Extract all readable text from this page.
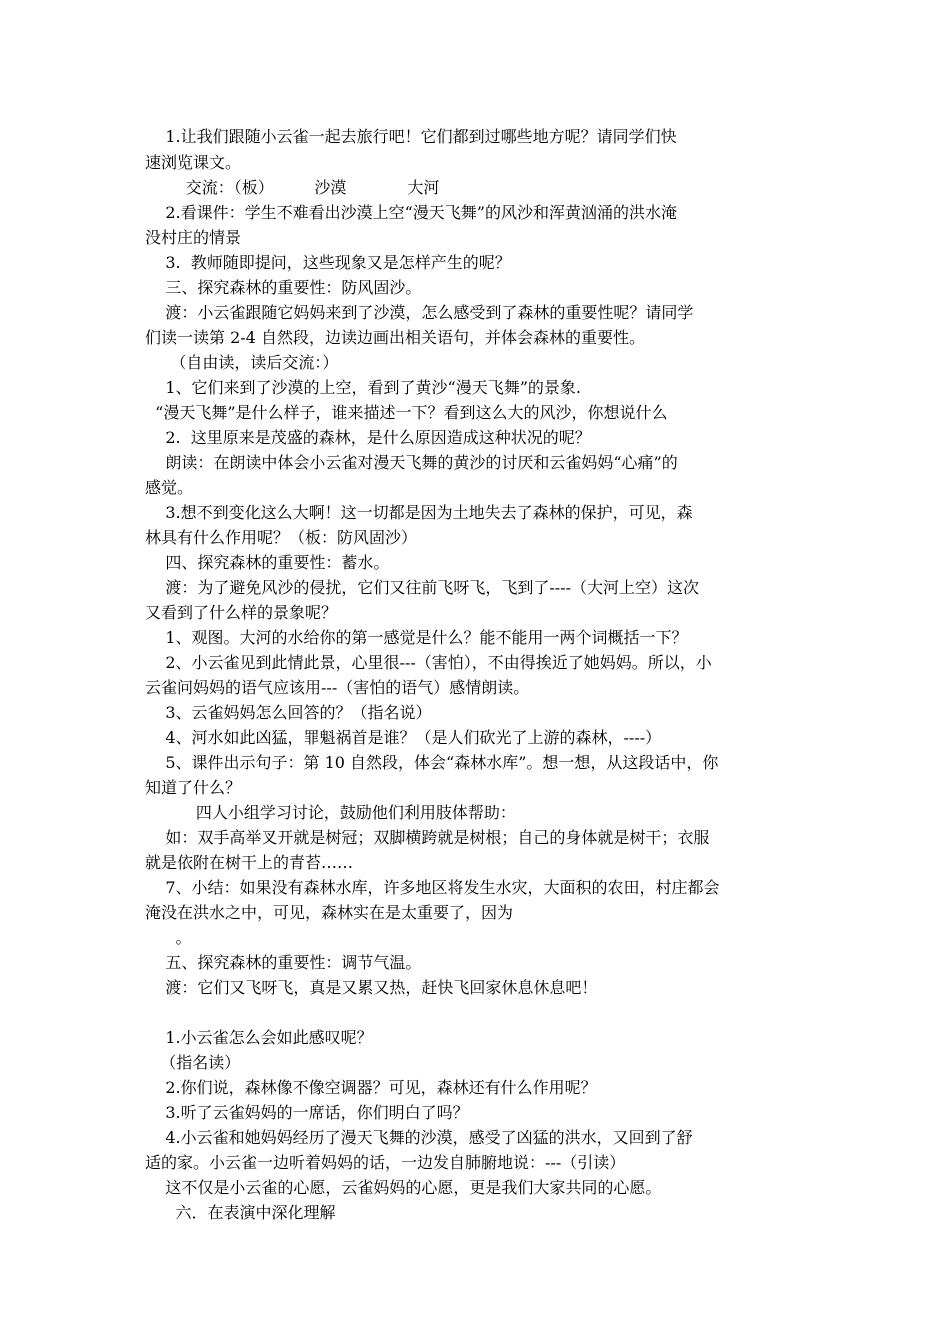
1.让我们跟随小云雀一起去旅行吧！它们都到过哪些地方呢？请同学们快

速浏览课文。

交流：（板）        沙漠            大河

2.看课件：学生不难看出沙漠上空“漫天飞舞”的风沙和浑黄汹涌的洪水淹

没村庄的情景

3.  教师随即提问，这些现象又是怎样产生的呢？

三、探究森林的重要性：防风固沙。

渡：小云雀跟随它妈妈来到了沙漠，怎么感受到了森林的重要性呢？请同学

们读一读第 2-4 自然段，边读边画出相关语句，并体会森林的重要性。

（自由读，读后交流：）

1、它们来到了沙漠的上空，看到了黄沙“漫天飞舞”的景象.

“漫天飞舞”是什么样子，谁来描述一下？看到这么大的风沙，你想说什么

2.  这里原来是茂盛的森林，是什么原因造成这种状况的呢？

朗读：在朗读中体会小云雀对漫天飞舞的黄沙的讨厌和云雀妈妈“心痛”的

感觉。

3.想不到变化这么大啊！这一切都是因为土地失去了森林的保护，可见，森

林具有什么作用呢？（板：防风固沙）

四、探究森林的重要性：蓄水。

渡：为了避免风沙的侵扰，它们又往前飞呀飞，飞到了----（大河上空）这次

又看到了什么样的景象呢？

1、观图。大河的水给你的第一感觉是什么？能不能用一两个词概括一下？

2、小云雀见到此情此景，心里很---（害怕），不由得挨近了她妈妈。所以，小

云雀问妈妈的语气应该用---（害怕的语气）感情朗读。

3、云雀妈妈怎么回答的？（指名说）

4、河水如此凶猛，罪魁祸首是谁？（是人们砍光了上游的森林，----）

5、课件出示句子：第 10 自然段，体会“森林水库”。想一想，从这段话中，你

知道了什么？

四人小组学习讨论，鼓励他们利用肢体帮助：

如：双手高举叉开就是树冠；双脚横跨就是树根；自己的身体就是树干；衣服

就是依附在树干上的青苔……

7、小结：如果没有森林水库，许多地区将发生水灾，大面积的农田，村庄都会

淹没在洪水之中，可见，森林实在是太重要了，因为

。

五、探究森林的重要性：调节气温。

渡：它们又飞呀飞，真是又累又热，赶快飞回家休息休息吧！

1.小云雀怎么会如此感叹呢？

（指名读）

2.你们说，森林像不像空调器？可见，森林还有什么作用呢？

3.听了云雀妈妈的一席话，你们明白了吗？

4.小云雀和她妈妈经历了漫天飞舞的沙漠，感受了凶猛的洪水，又回到了舒

适的家。小云雀一边听着妈妈的话，一边发自肺腑地说：---（引读）

这不仅是小云雀的心愿，云雀妈妈的心愿，更是我们大家共同的心愿。

六．在表演中深化理解
